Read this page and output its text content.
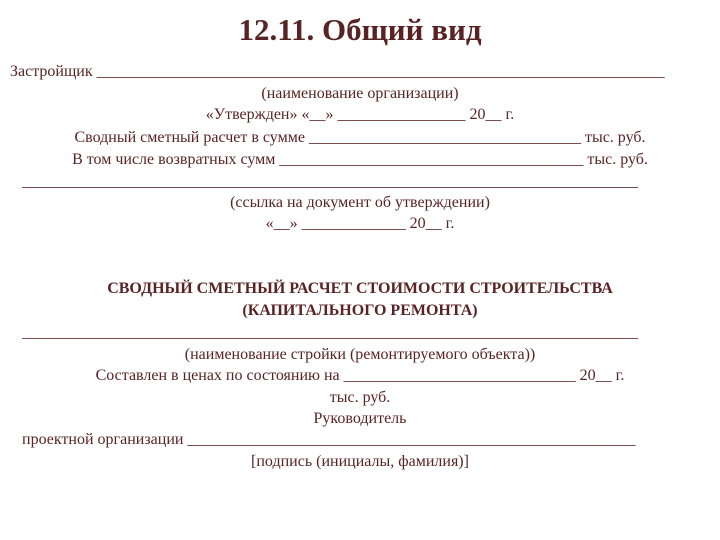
12.11. Общий вид
Застройщик _______________________________________________________________________
(наименование организации)
«Утвержден» «__» ________________ 20__ г.
Сводный сметный расчет в сумме __________________________________ тыс. руб.
В том числе возвратных сумм ______________________________________ тыс. руб.
_____________________________________________________________________________
(ссылка на документ об утверждении)
«__» _____________ 20__ г.
СВОДНЫЙ СМЕТНЫЙ РАСЧЕТ СТОИМОСТИ СТРОИТЕЛЬСТВА
(КАПИТАЛЬНОГО РЕМОНТА)
_____________________________________________________________________________
(наименование стройки (ремонтируемого объекта))
Составлен в ценах по состоянию на _____________________________ 20__ г.
тыс. руб.
Руководитель
проектной организации ________________________________________________________
[подпись (инициалы, фамилия)]
